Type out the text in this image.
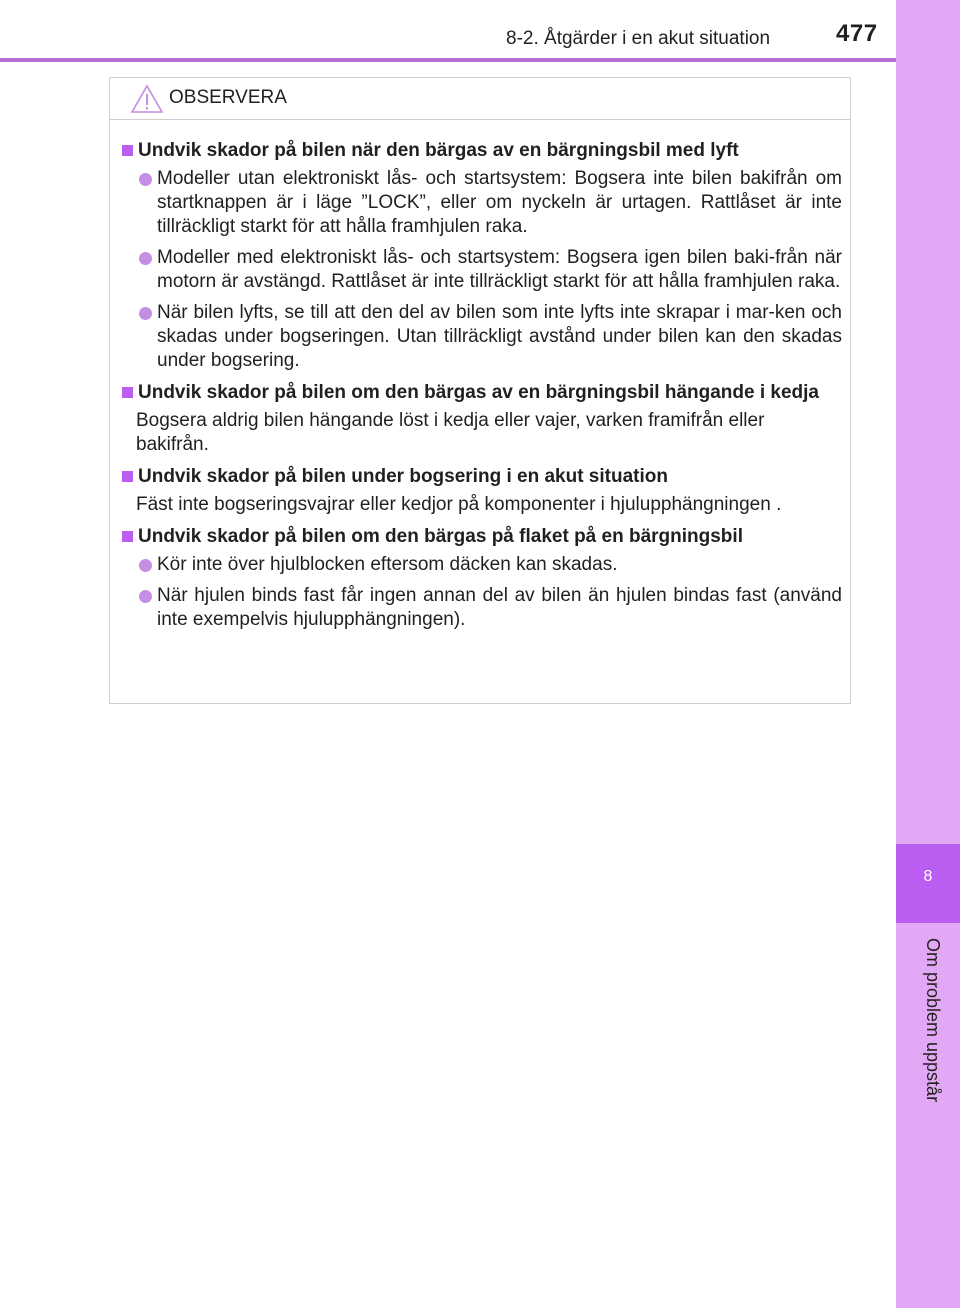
8-2. Åtgärder i en akut situation	477
8
Om problem uppstår
OBSERVERA
Undvik skador på bilen när den bärgas av en bärgningsbil med lyft
Modeller utan elektroniskt lås- och startsystem: Bogsera inte bilen bakifrån om startknappen är i läge ”LOCK”, eller om nyckeln är urtagen. Rattlåset är inte tillräckligt starkt för att hålla framhjulen raka.
Modeller med elektroniskt lås- och startsystem: Bogsera igen bilen baki-från när motorn är avstängd. Rattlåset är inte tillräckligt starkt för att hålla framhjulen raka.
När bilen lyfts, se till att den del av bilen som inte lyfts inte skrapar i mar-ken och skadas under bogseringen. Utan tillräckligt avstånd under bilen kan den skadas under bogsering.
Undvik skador på bilen om den bärgas av en bärgningsbil hängande i kedja
Bogsera aldrig bilen hängande löst i kedja eller vajer, varken framifrån eller bakifrån.
Undvik skador på bilen under bogsering i en akut situation
Fäst inte bogseringsvajrar eller kedjor på komponenter i hjulupphängningen .
Undvik skador på bilen om den bärgas på flaket på en bärgningsbil
Kör inte över hjulblocken eftersom däcken kan skadas.
När hjulen binds fast får ingen annan del av bilen än hjulen bindas fast (använd inte exempelvis hjulupphängningen).
